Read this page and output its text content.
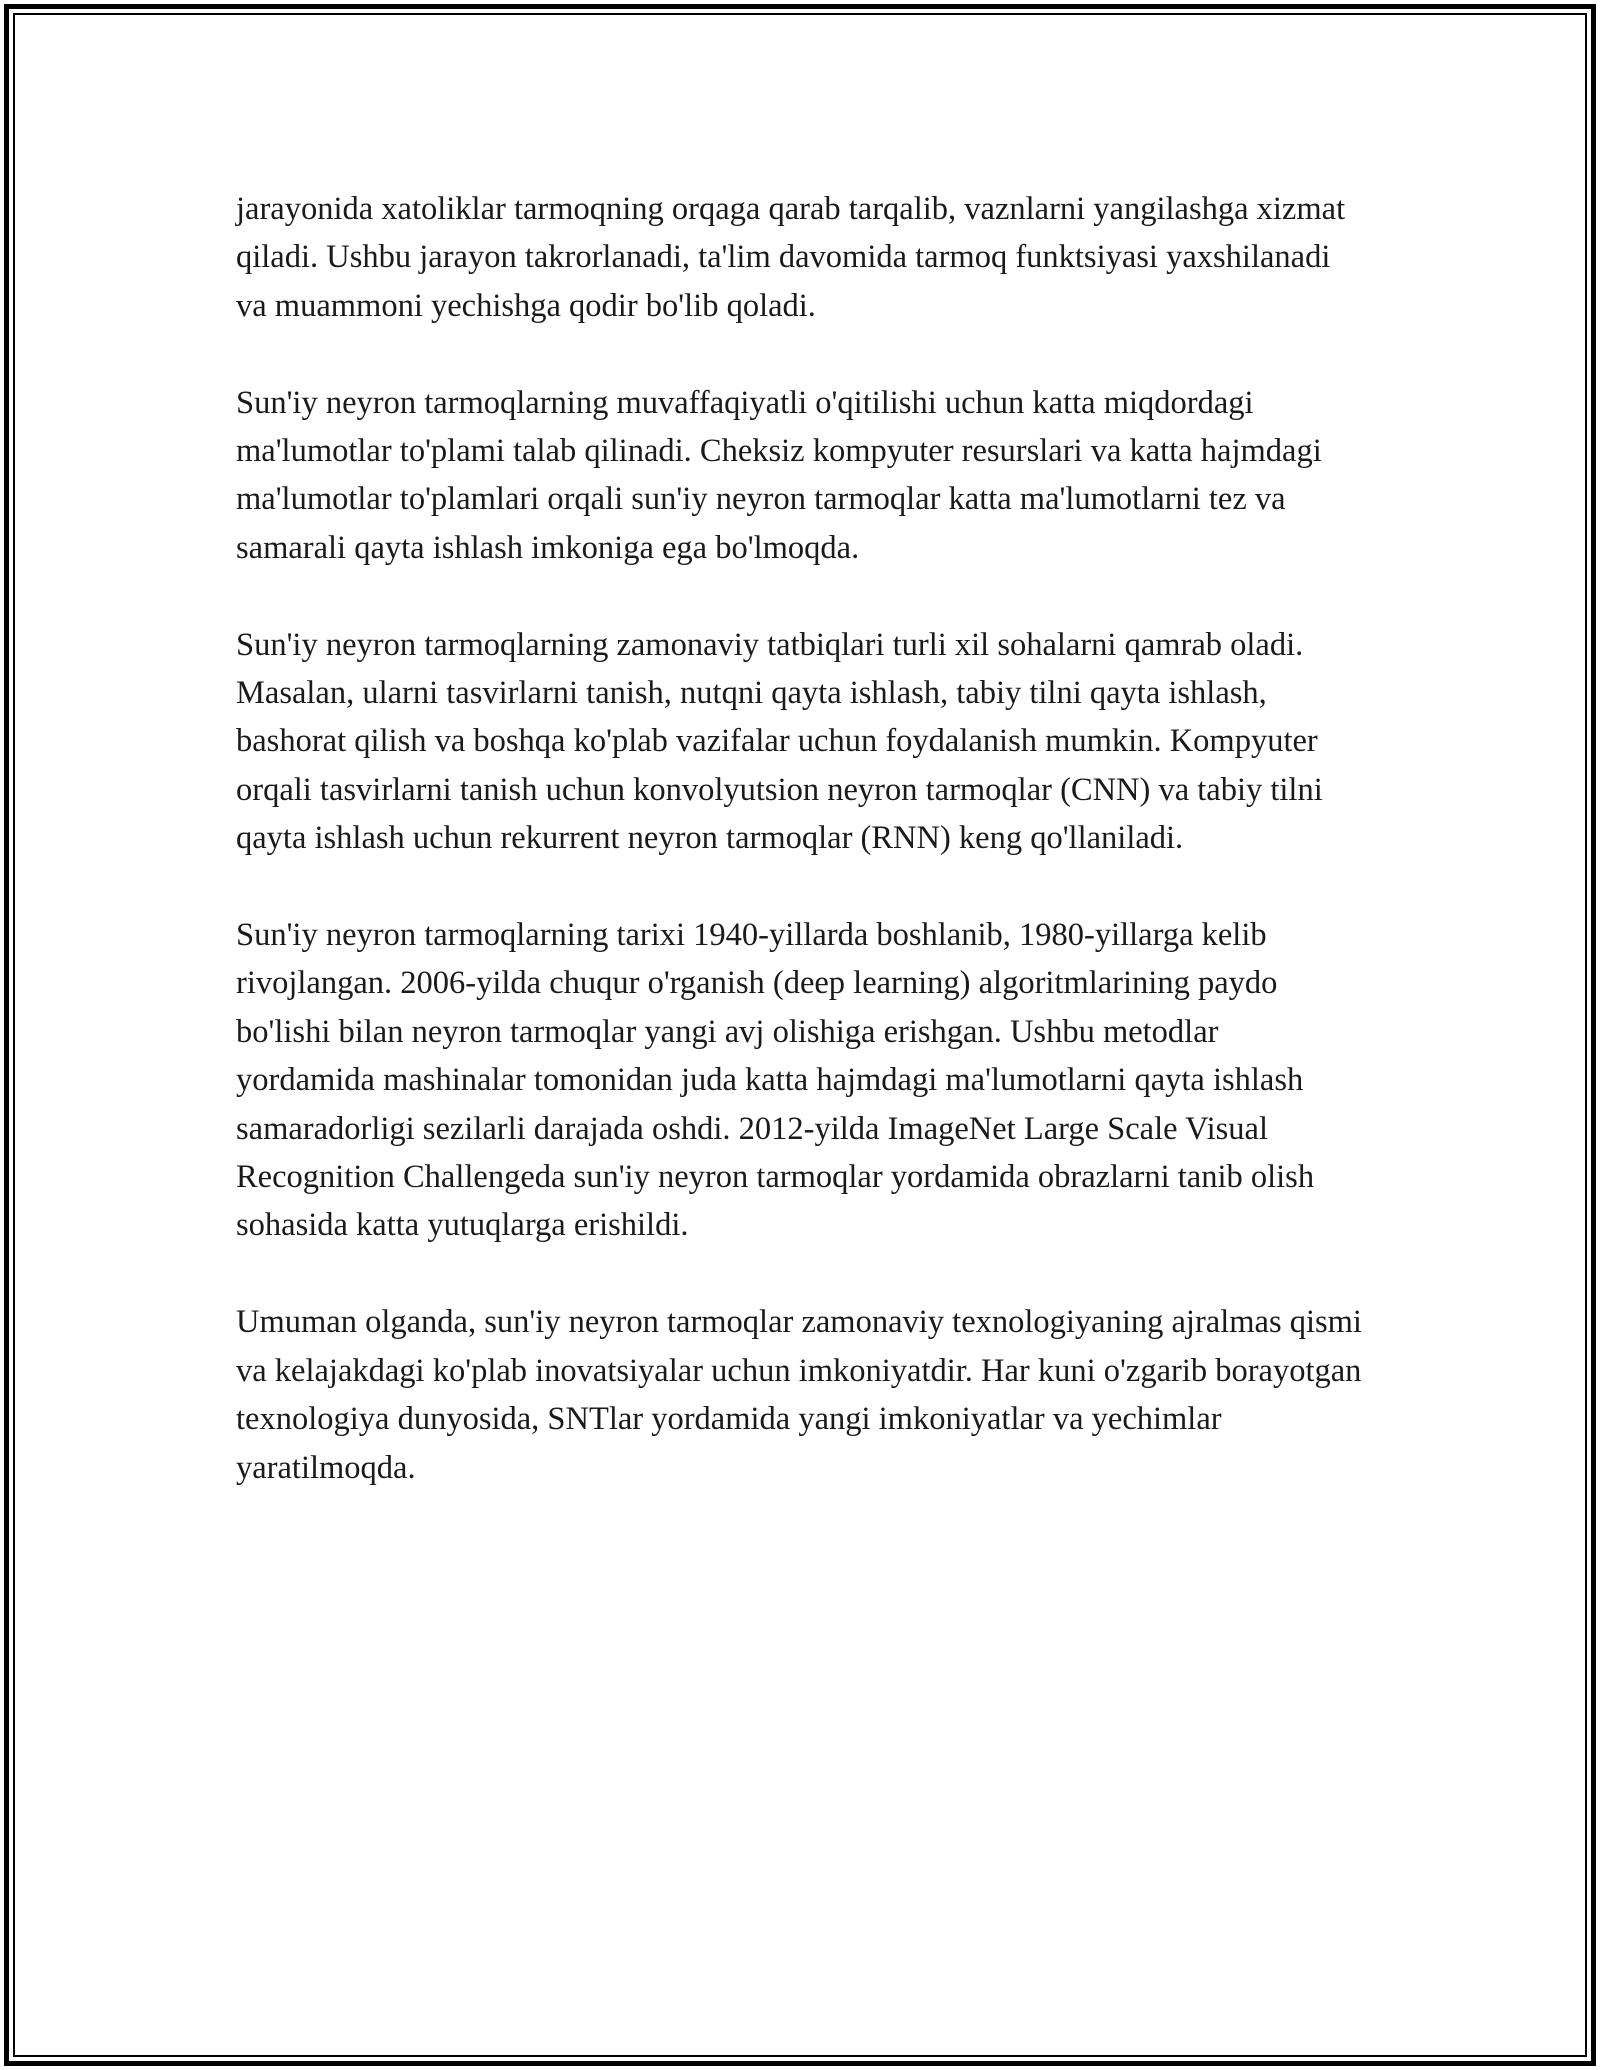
jarayonida xatoliklar tarmoqning orqaga qarab tarqalib, vaznlarni yangilashga xizmat qiladi. Ushbu jarayon takrorlanadi, ta'lim davomida tarmoq funktsiyasi yaxshilanadi va muammoni yechishga qodir bo'lib qoladi.

Sun'iy neyron tarmoqlarning muvaffaqiyatli o'qitilishi uchun katta miqdordagi ma'lumotlar to'plami talab qilinadi. Cheksiz kompyuter resurslari va katta hajmdagi ma'lumotlar to'plamlari orqali sun'iy neyron tarmoqlar katta ma'lumotlarni tez va samarali qayta ishlash imkoniga ega bo'lmoqda.

Sun'iy neyron tarmoqlarning zamonaviy tatbiqlari turli xil sohalarni qamrab oladi. Masalan, ularni tasvirlarni tanish, nutqni qayta ishlash, tabiy tilni qayta ishlash, bashorat qilish va boshqa ko'plab vazifalar uchun foydalanish mumkin. Kompyuter orqali tasvirlarni tanish uchun konvolyutsion neyron tarmoqlar (CNN) va tabiy tilni qayta ishlash uchun rekurrent neyron tarmoqlar (RNN) keng qo'llaniladi.

Sun'iy neyron tarmoqlarning tarixi 1940-yillarda boshlanib, 1980-yillarga kelib rivojlangan. 2006-yilda chuqur o'rganish (deep learning) algoritmlarining paydo bo'lishi bilan neyron tarmoqlar yangi avj olishiga erishgan. Ushbu metodlar yordamida mashinalar tomonidan juda katta hajmdagi ma'lumotlarni qayta ishlash samaradorligi sezilarli darajada oshdi. 2012-yilda ImageNet Large Scale Visual Recognition Challengeda sun'iy neyron tarmoqlar yordamida obrazlarni tanib olish sohasida katta yutuqlarga erishildi.

Umuman olganda, sun'iy neyron tarmoqlar zamonaviy texnologiyaning ajralmas qismi va kelajakdagi ko'plab inovatsiyalar uchun imkoniyatdir. Har kuni o'zgarib borayotgan texnologiya dunyosida, SNTlar yordamida yangi imkoniyatlar va yechimlar yaratilmoqda.
